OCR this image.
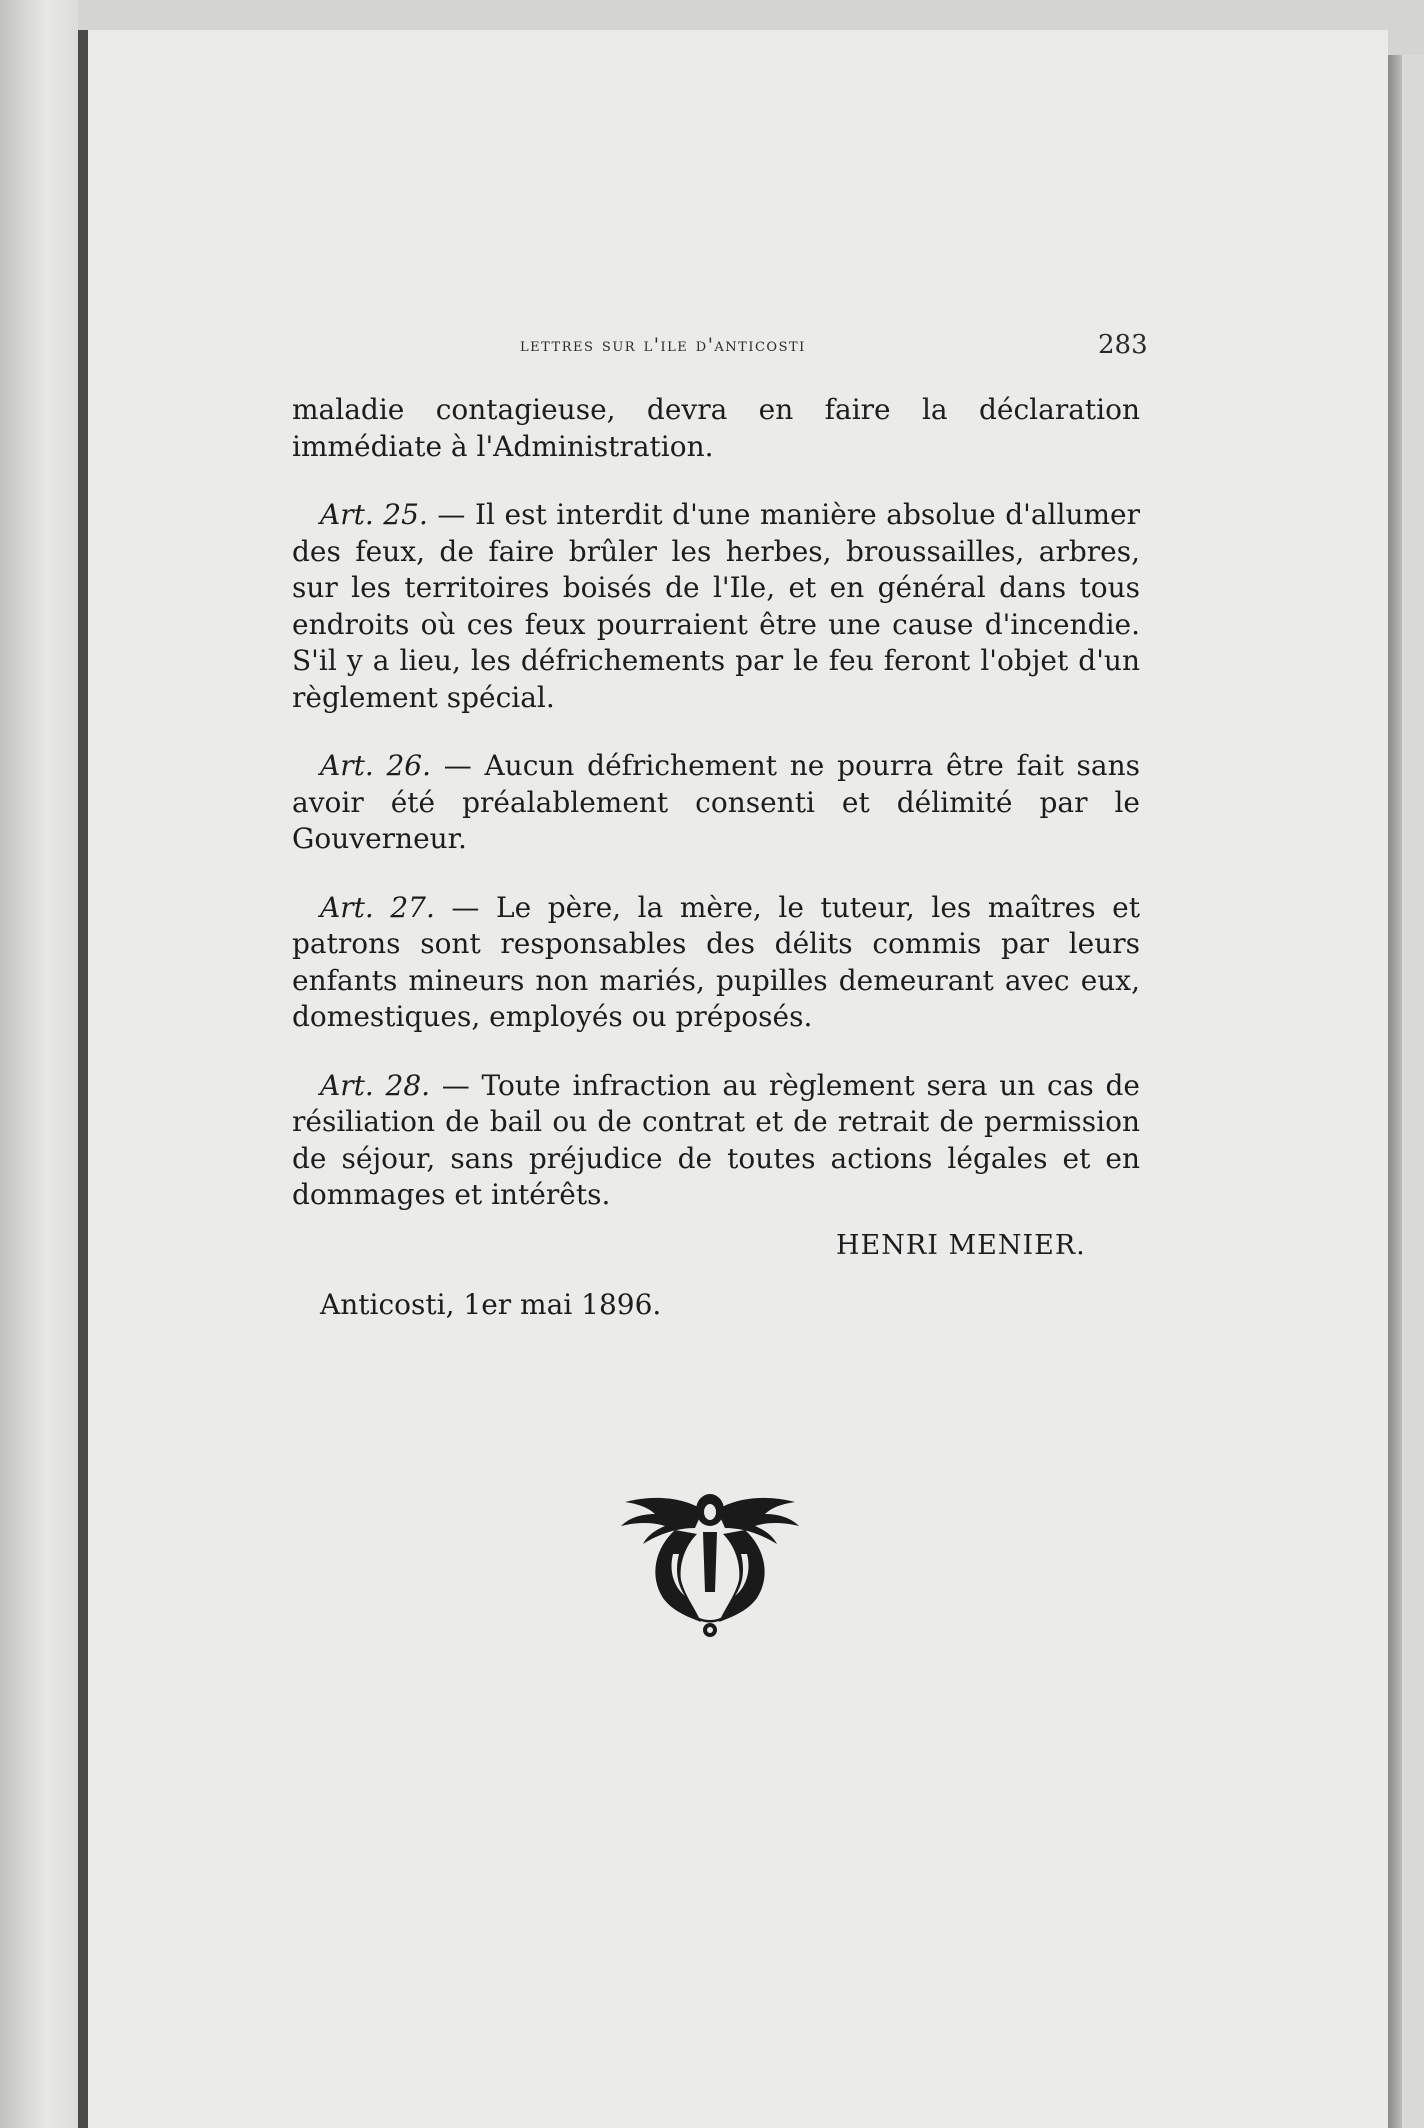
lettres sur l'ile d'anticosti	283

maladie contagieuse, devra en faire la déclaration immédiate à l'Administration.

Art. 25. — Il est interdit d'une manière absolue d'allumer des feux, de faire brûler les herbes, broussailles, arbres, sur les territoires boisés de l'Ile, et en général dans tous endroits où ces feux pourraient être une cause d'incendie. S'il y a lieu, les défrichements par le feu feront l'objet d'un règlement spécial.

Art. 26. — Aucun défrichement ne pourra être fait sans avoir été préalablement consenti et délimité par le Gouverneur.

Art. 27. — Le père, la mère, le tuteur, les maîtres et patrons sont responsables des délits commis par leurs enfants mineurs non mariés, pupilles demeurant avec eux, domestiques, employés ou préposés.

Art. 28. — Toute infraction au règlement sera un cas de résiliation de bail ou de contrat et de retrait de permission de séjour, sans préjudice de toutes actions légales et en dommages et intérêts.

HENRI MENIER.
Anticosti, 1er mai 1896.
